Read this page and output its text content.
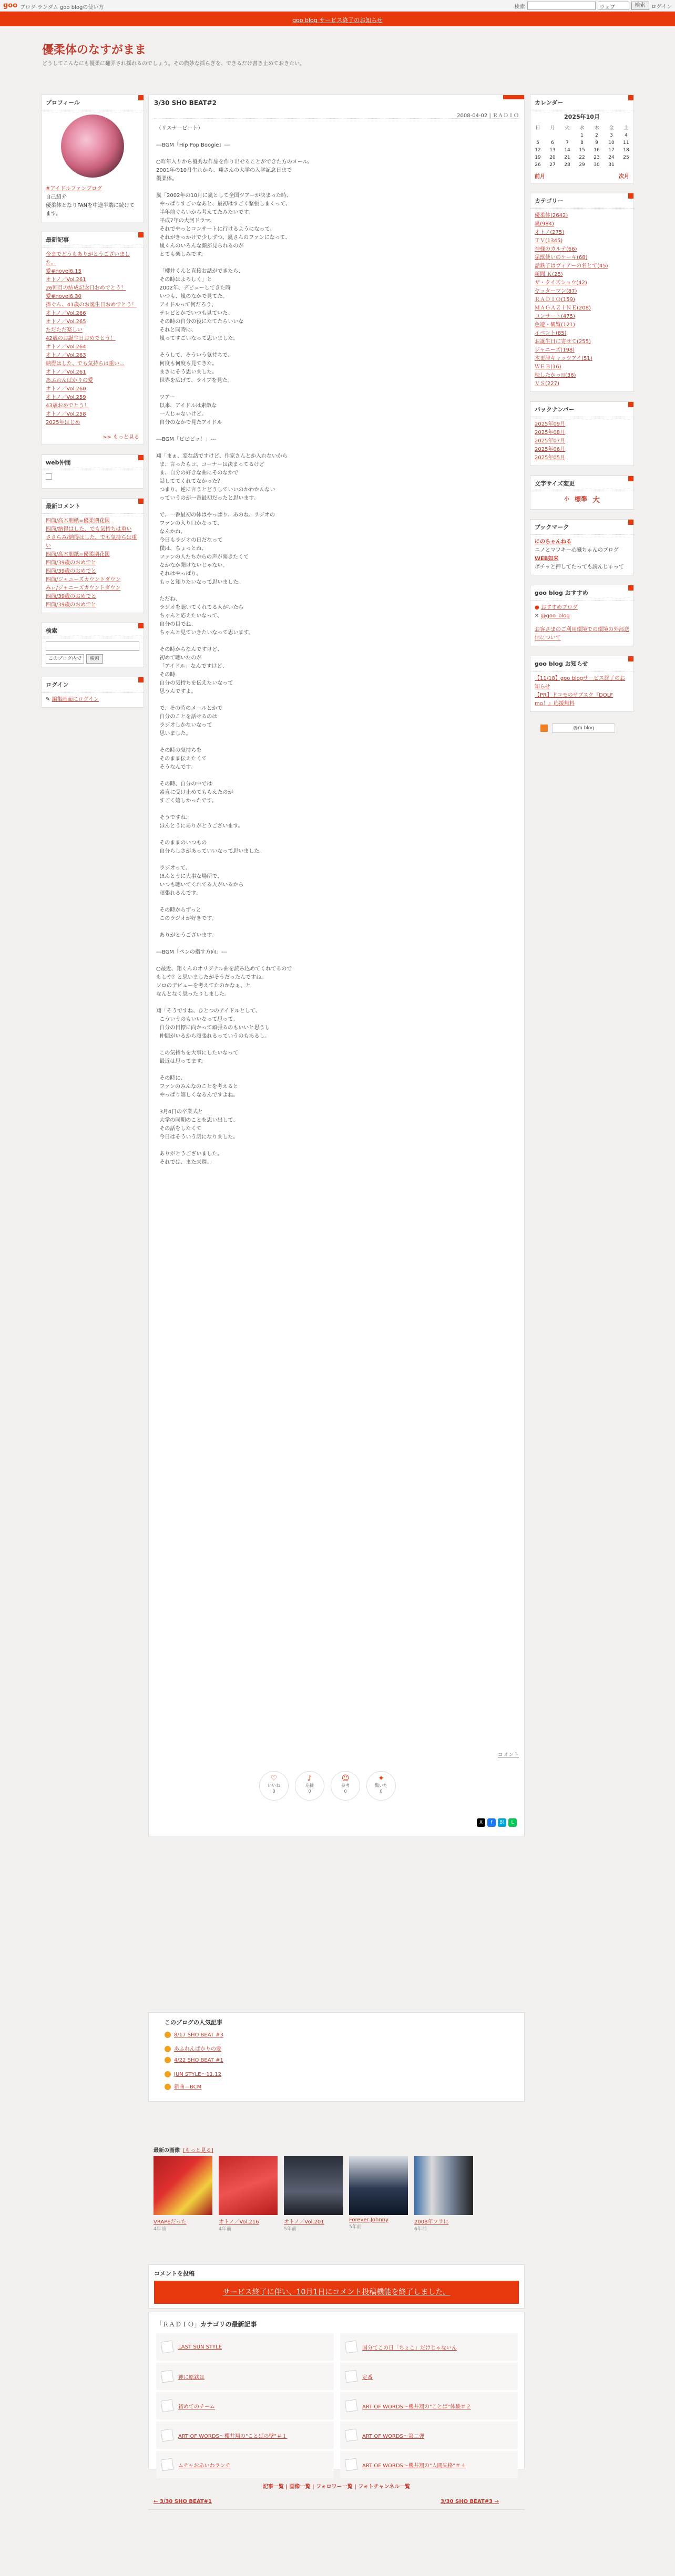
goo ブログ ランダム goo blogの使い方	検索	ウェブ	検索	ログイン
goo blog サービス終了のお知らせ
優柔体のなすがまま
どうしてこんなにも優柔に翻弄され揺れるのでしょう。その微妙な揺らぎを、できるだけ書き止めておきたい。
プロフィール
#アイドルファンブログ
自己紹介
優柔体となりFANを中途半端に続けてます。
最新記事
今までどうもありがとうございました。
愛#novel6.15
オトノ／Vol.261
26回目の結成記念日おめでとう！
愛#novel6.30
捧ぐん、41歳のお誕生日おめでとう！
オトノ／Vol.266
オトノ／Vol.265
ただただ楽しい
42歳のお誕生日おめでとう！
オトノ／Vol.264
オトノ／Vol.263
納得はした、でも気持ちは重い…
オトノ／Vol.261
あふれんばかりの愛
オトノ／Vol.260
オトノ／Vol.259
43歳おめでとう！
オトノ／Vol.258
2025年はじめ
>> もっと見る
web仲間
最新コメント
四筒/高木朋紙=優柔期花図
四筒/納得はした、でも気持ちは重い
ささらみ/納得はした、でも気持ちは重い
四筒/高木朋紙=優柔期花図
四筒/39歳のおめでと
四筒/39歳のおめでと
四筒/ジャニーズカウントダウン
みぃ/ジャニーズカウントダウン
四筒/39歳のおめでと
四筒/39歳のおめでと
検索
このブログ内で	検索
ログイン
✎ 編集画面にログイン
3/30 SHO BEAT#2
2008-04-02 | ＲＡＤＩＯ
（リスナービート）

---BGM「Hip Pop Boogie」---

○昨年入りから優秀な作品を作り出せることができた方のメール。
2001年の10月生れから、翔さんの大学の入学記念日まで
優柔体。

嵐「2002年の10月に嵐として全国ツアーが決まった時、
やっぱりすごいなあと、最初はすごく緊張しまくって、
半年前ぐらいから考えてたみたいです。
平成7年の大河ドラマ、
それでやっとコンサートに行けるようになって、
それがきっかけで少しずつ、嵐さんのファンになって、
嵐くんのいろんな顔が見られるのが
とても楽しみです。

「櫻井くんと直接お話ができたら、
その時はよろしく」と
2002年、デビューしてきた時
いつも、嵐のなかで見てた。
アイドルって何だろう、
テレビとかでいつも見ていた。
その時の自分の役にたてたらいいな
それと同時に、
嵐ってすごいなって思いました。

そうして、そういう気持ちで、
何度も何度も見てきた。
まさにそう思いました。
世界を広げて、ライブを見た。

ツアー
以来、アイドルは素敵な
一人じゃないけど。
自分のなかで見たアイドル

---BGM「ビビビッ！」---

翔「まぁ、変な話ですけど、作家さんとか入れないから
ま、言ったらコ、コーナーは決まってるけど
ま、自分の好きな曲にそのなかで
話しててくれてなかった？
つまり、逆に言うとどうしていいのかわかんない
っていうのが一番最初だったと思います。

で、一番最初の体はやっぱり、あのね、ラジオの
ファンの入り口かなって、
なんかね、
今日もラジオの日だなって
僕は、ちょっとね、
ファンの人たちからの声が聞きたくて
なかなか聞けないじゃない。
それはやっぱり、
もっと知りたいなって思いました。

ただね、
ラジオを聴いてくれてる人がいたら
ちゃんと応えたいなって、
自分の目でね、
ちゃんと見ていきたいなって思います。

その時からなんですけど、
初めて聴いたのが
「アイドル」なんですけど、
その時
自分の気持ちを伝えたいなって
思うんですよ。

で、その時のメールとかで
自分のことを話せるのは
ラジオしかないなって
思いました。

その時の気持ちを
そのまま伝えたくて
そうなんです。

その時、自分の中では
素直に受け止めてもらえたのが
すごく嬉しかったです。

そうですね、
ほんとうにありがとうございます。

そのままのいつもの
自分らしさがあっていいなって思いました。

ラジオって、
ほんとうに大事な場所で、
いつも聴いてくれてる人がいるから
頑張れるんです。

その時からずっと
このラジオが好きです。

ありがとうございます。

---BGM「ペンの指す方向」---

○最近、翔くんのオリジナル曲を読み込めてくれてるので
もしや？と思いましたがそうだったんですね。
ソロのデビューを考えてたのかなぁ、と
なんとなく思ったりしました。

翔「そうですね、ひとつのアイドルとして、
こういうのもいいなって思って。
自分の目標に向かって頑張るのもいいと思うし
仲間がいるから頑張れるっていうのもあるし。

この気持ちを大事にしたいなって
最近は思ってます。

その時に、
ファンのみんなのことを考えると
やっぱり嬉しくなるんですよね。

3月4日の卒業式と
大学の同期のことを思い出して、
その話をしたくて
今日はそういう話になりました。

ありがとうございました。
それでは、また来週。」
コメント
♡
いいね
0
♪
応援
0
☺
参考
0
✦
驚いた
0
X	f	B!	L
カレンダー
2025年10月
日	月	火	水	木	金	土
			1	2	3	4
5	6	7	8	9	10	11
12	13	14	15	16	17	18
19	20	21	22	23	24	25
26	27	28	29	30	31	
前月	次月
カテゴリー
優柔体(2642)
嵐(984)
オトノ(275)
ＴＶ(1345)
神様のカルテ(66)
猛獣使いのケーキ(68)
話鉄子はヴィアーの名とて(45)
新聞 Ｋ(25)
ザ・クイズショウ(42)
ヤッターマン(87)
ＲＡＤＩＯ(159)
ＭＡＧＡＺＩＮＥ(208)
コンサート(475)
色遊・観覧(121)
イベント(85)
お誕生日に寄せて(255)
ジャニーズ(198)
木更津キャッツアイ(51)
ＷＥＢ(16)
映したかっ!!(36)
ＶＳ(227)
バックナンバー
2025年09月
2025年08月
2025年07月
2025年06月
2025年05月
文字サイズ変更
小 標準 大
ブックマーク
にのちゃんねる
ニノとマツキー心臓ちゃんのブログ
WEB如来
ボチッと押してたっても読んじゃって
goo blog おすすめ
● おすすめブログ
✕ @goo_blog
お客さまのご利用環境での環境の外部送信について
goo blog お知らせ
【11/18】goo blogサービス終了のお知らせ
【PR】ドコモのサブスク『DOLF mo！』応援無料
@m blog
このブログの人気記事
8/17 SHO BEAT #3
あふれんばかりの愛
4/22 SHO BEAT #1
JUN STYLE〜11.12
新曲＝BCM
最新の画像 [もっと見る]
VRAPEだった
4年前
オトノ／Vol.216
4年前
オトノ／Vol.201
5年前
Forever Johnny
5年前
2008年フラに
6年前
コメントを投稿
サービス終了に伴い、10月1日にコメント投稿機能を終了しました。
「ＲＡＤＩＯ」カテゴリの最新記事
LAST SUN STYLE	国分てこの日「ちょこ」だけじゃないん
神に原鉄は	定番
初めてのチーム	ART OF WORDS〜櫻井翔の"ことば"体験＃２
ART OF WORDS〜櫻井翔の"ことばの壁"＃１	ART OF WORDS〜第二弾
ムチャおあいわランチ	ART OF WORDS〜櫻井翔の"人間失格"＃４
記事一覧 | 画像一覧 | フォロワー一覧 | フォトチャンネル一覧
← 3/30 SHO BEAT#1	3/30 SHO BEAT#3 →
